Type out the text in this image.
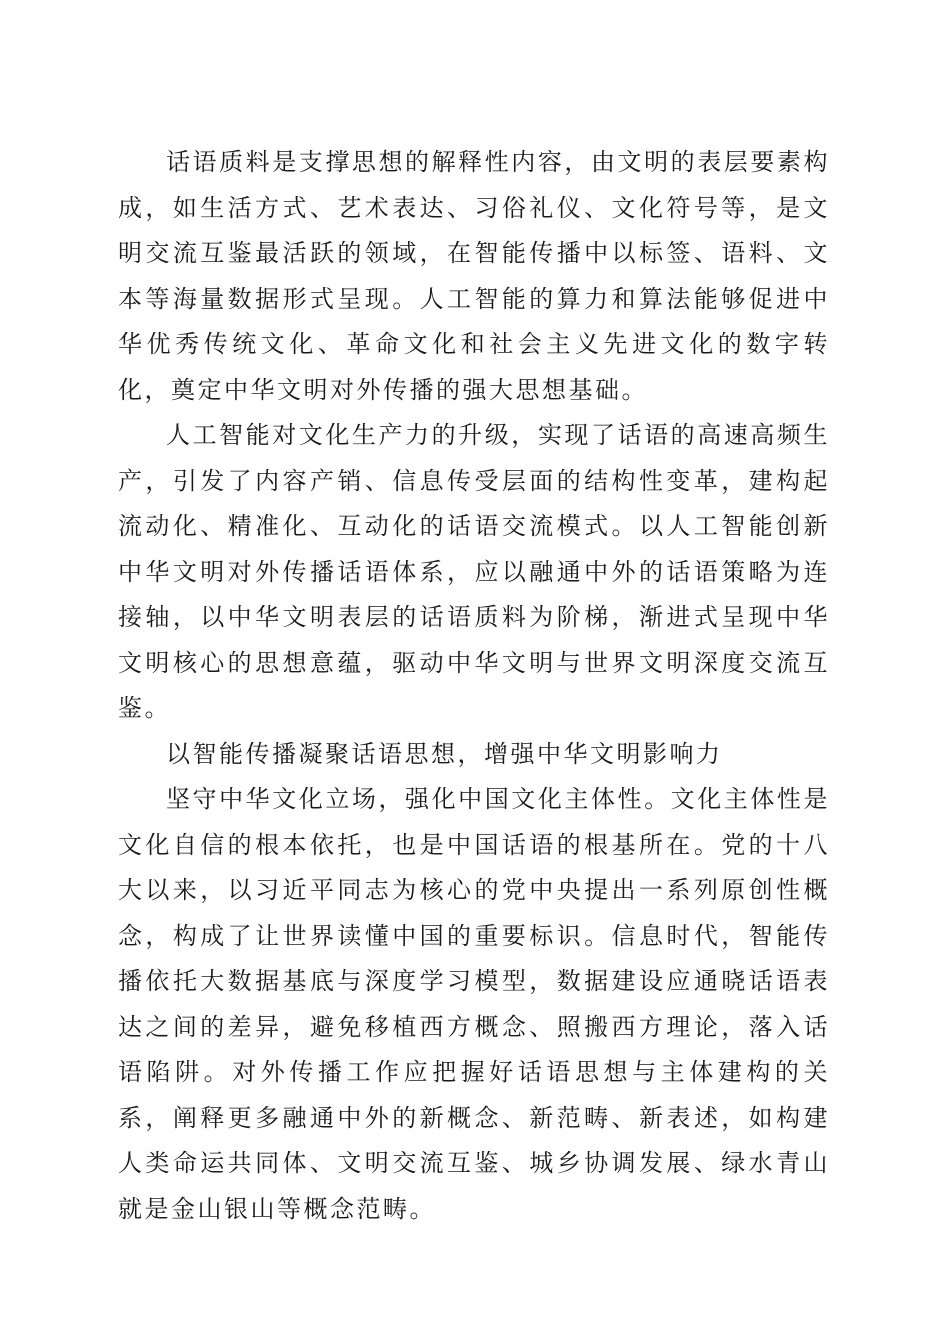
话语质料是支撑思想的解释性内容，由文明的表层要素构成，如生活方式、艺术表达、习俗礼仪、文化符号等，是文明交流互鉴最活跃的领域，在智能传播中以标签、语料、文本等海量数据形式呈现。人工智能的算力和算法能够促进中华优秀传统文化、革命文化和社会主义先进文化的数字转化，奠定中华文明对外传播的强大思想基础。

人工智能对文化生产力的升级，实现了话语的高速高频生产，引发了内容产销、信息传受层面的结构性变革，建构起流动化、精准化、互动化的话语交流模式。以人工智能创新中华文明对外传播话语体系，应以融通中外的话语策略为连接轴，以中华文明表层的话语质料为阶梯，渐进式呈现中华文明核心的思想意蕴，驱动中华文明与世界文明深度交流互鉴。

以智能传播凝聚话语思想，增强中华文明影响力

坚守中华文化立场，强化中国文化主体性。文化主体性是文化自信的根本依托，也是中国话语的根基所在。党的十八大以来，以习近平同志为核心的党中央提出一系列原创性概念，构成了让世界读懂中国的重要标识。信息时代，智能传播依托大数据基底与深度学习模型，数据建设应通晓话语表达之间的差异，避免移植西方概念、照搬西方理论，落入话语陷阱。对外传播工作应把握好话语思想与主体建构的关系，阐释更多融通中外的新概念、新范畴、新表述，如构建人类命运共同体、文明交流互鉴、城乡协调发展、绿水青山就是金山银山等概念范畴。
